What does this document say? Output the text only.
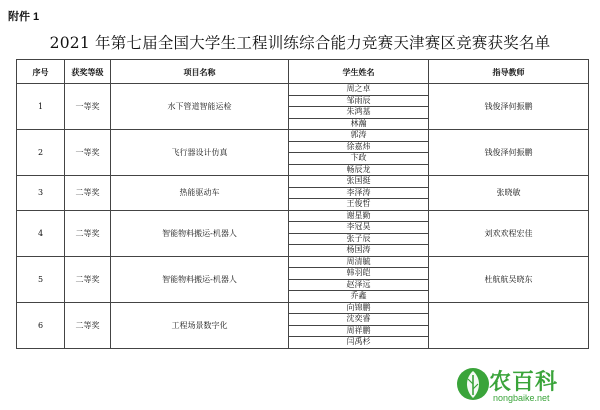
附件 1
2021 年第七届全国大学生工程训练综合能力竞赛天津赛区竞赛获奖名单
序号	获奖等级	项目名称	学生姓名	指导教师
1	一等奖	水下管道智能运检	周之卓	钱俊泽何振鹏
			邹雨辰	
			朱鸿基	
			林瀚	
2	一等奖	飞行器设计仿真	郭涛	钱俊泽何振鹏
			徐嘉炜	
			卞政	
			畅辰龙	
3	二等奖	热能驱动车	张国挺	张晓敏
			李泽涛	
			王俊哲	
4	二等奖	智能物料搬运-机器人	谢星勤	刘欢欢程宏佳
			李冠昊	
			张子辰	
			杨国涛	
5	二等奖	智能物料搬运-机器人	周清毓	杜航航吴晓东
			韩羽皑	
			赵泽远	
			乔鑫	
6	二等奖	工程场景数字化	向锦鹏	
			沈奕睿	
			周祥鹏	
			闫禹杉	
农百科
nongbaike.net
